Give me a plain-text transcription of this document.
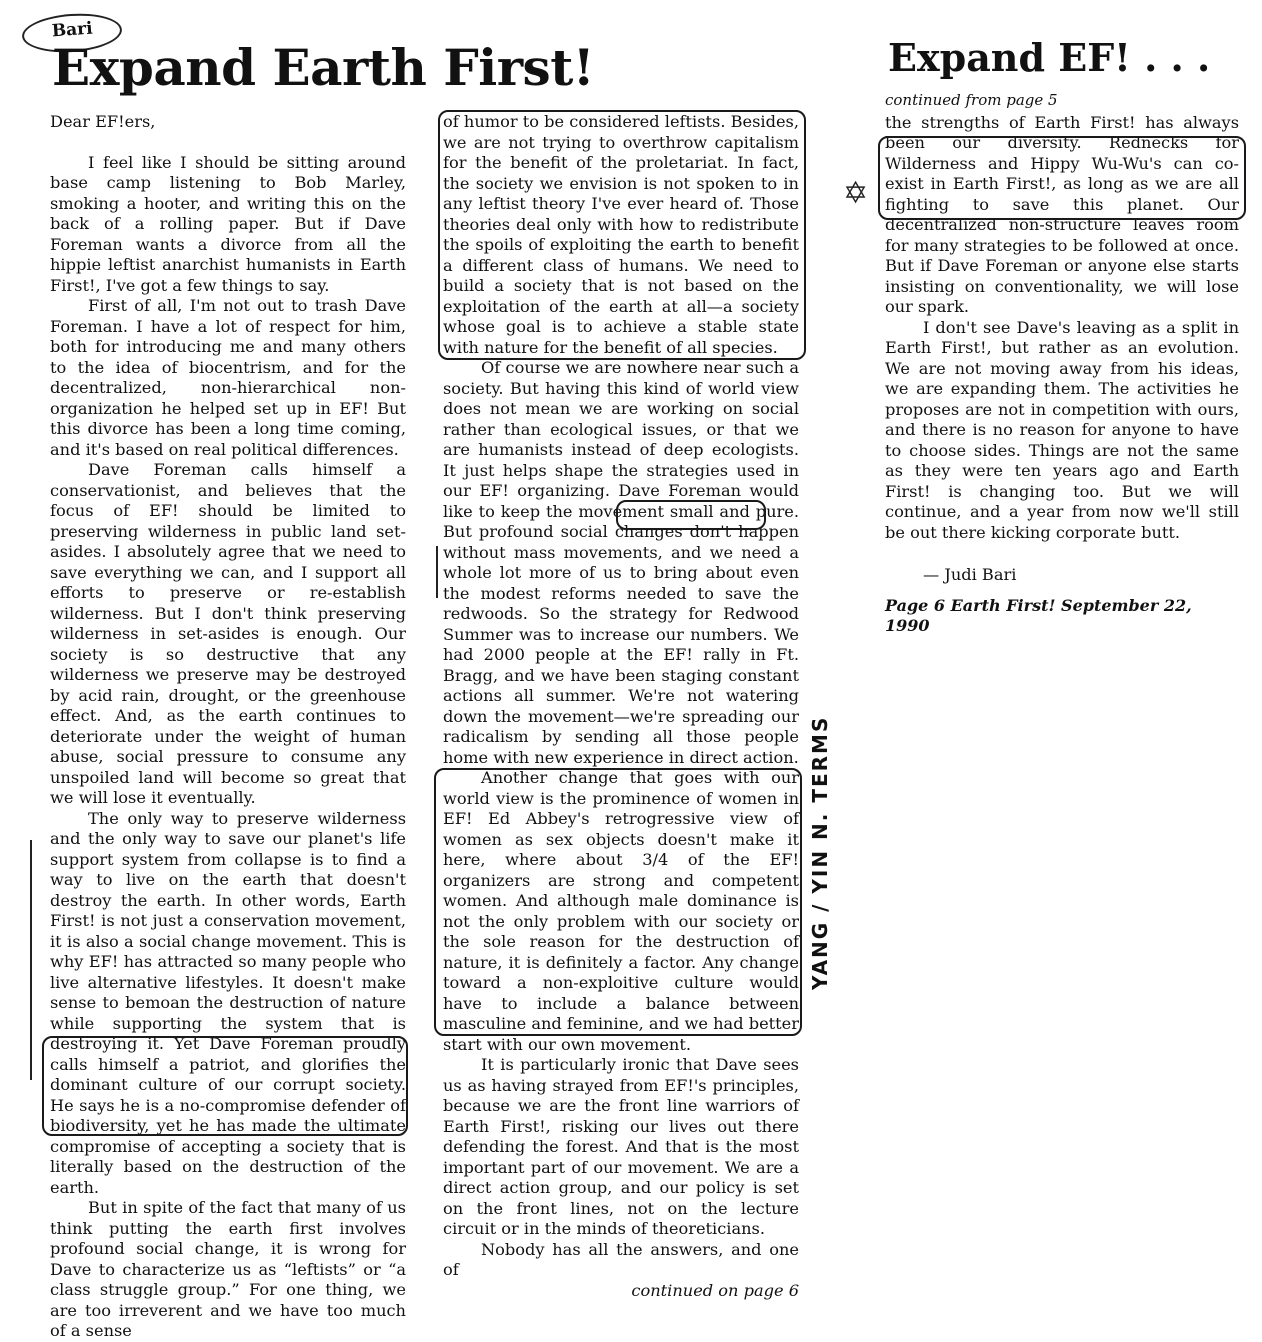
Bari
Expand Earth First!

Dear EF!ers,

I feel like I should be sitting around base camp listening to Bob Marley, smoking a hooter, and writing this on the back of a rolling paper. But if Dave Foreman wants a divorce from all the hippie leftist anarchist humanists in Earth First!, I've got a few things to say.

First of all, I'm not out to trash Dave Foreman. I have a lot of respect for him, both for introducing me and many others to the idea of biocentrism, and for the decentralized, non-hierarchical non-organization he helped set up in EF! But this divorce has been a long time coming, and it's based on real political differences.

Dave Foreman calls himself a conservationist, and believes that the focus of EF! should be limited to preserving wilderness in public land set-asides. I absolutely agree that we need to save everything we can, and I support all efforts to preserve or re-establish wilderness. But I don't think preserving wilderness in set-asides is enough. Our society is so destructive that any wilderness we preserve may be destroyed by acid rain, drought, or the greenhouse effect. And, as the earth continues to deteriorate under the weight of human abuse, social pressure to consume any unspoiled land will become so great that we will lose it eventually.

The only way to preserve wilderness and the only way to save our planet's life support system from collapse is to find a way to live on the earth that doesn't destroy the earth. In other words, Earth First! is not just a conservation movement, it is also a social change movement. This is why EF! has attracted so many people who live alternative lifestyles. It doesn't make sense to bemoan the destruction of nature while supporting the system that is destroying it. Yet Dave Foreman proudly calls himself a patriot, and glorifies the dominant culture of our corrupt society. He says he is a no-compromise defender of biodiversity, yet he has made the ultimate compromise of accepting a society that is literally based on the destruction of the earth.

But in spite of the fact that many of us think putting the earth first involves profound social change, it is wrong for Dave to characterize us as “leftists” or “a class struggle group.” For one thing, we are too irreverent and we have too much of a sense

of humor to be considered leftists. Besides, we are not trying to overthrow capitalism for the benefit of the proletariat. In fact, the society we envision is not spoken to in any leftist theory I've ever heard of. Those theories deal only with how to redistribute the spoils of exploiting the earth to benefit a different class of humans. We need to build a society that is not based on the exploitation of the earth at all—a society whose goal is to achieve a stable state with nature for the benefit of all species.

Of course we are nowhere near such a society. But having this kind of world view does not mean we are working on social rather than ecological issues, or that we are humanists instead of deep ecologists. It just helps shape the strategies used in our EF! organizing. Dave Foreman would like to keep the movement small and pure. But profound social changes don't happen without mass movements, and we need a whole lot more of us to bring about even the modest reforms needed to save the redwoods. So the strategy for Redwood Summer was to increase our numbers. We had 2000 people at the EF! rally in Ft. Bragg, and we have been staging constant actions all summer. We're not watering down the movement—we're spreading our radicalism by sending all those people home with new experience in direct action.

Another change that goes with our world view is the prominence of women in EF! Ed Abbey's retrogressive view of women as sex objects doesn't make it here, where about 3/4 of the EF! organizers are strong and competent women. And although male dominance is not the only problem with our society or the sole reason for the destruction of nature, it is definitely a factor. Any change toward a non-exploitive culture would have to include a balance between masculine and feminine, and we had better start with our own movement.

It is particularly ironic that Dave sees us as having strayed from EF!'s principles, because we are the front line warriors of Earth First!, risking our lives out there defending the forest. And that is the most important part of our movement. We are a direct action group, and our policy is set on the front lines, not on the lecture circuit or in the minds of theoreticians.

Nobody has all the answers, and one of

continued on page 6

Expand EF! . . .

continued from page 5

the strengths of Earth First! has always been our diversity. Rednecks for Wilderness and Hippy Wu-Wu's can co-exist in Earth First!, as long as we are all fighting to save this planet. Our decentralized non-structure leaves room for many strategies to be followed at once. But if Dave Foreman or anyone else starts insisting on conventionality, we will lose our spark.

I don't see Dave's leaving as a split in Earth First!, but rather as an evolution. We are not moving away from his ideas, we are expanding them. The activities he proposes are not in competition with ours, and there is no reason for anyone to have to choose sides. Things are not the same as they were ten years ago and Earth First! is changing too. But we will continue, and a year from now we'll still be out there kicking corporate butt.

— Judi Bari

Page 6 Earth First! September 22, 1990

✡
YANG / YIN N. TERMS
